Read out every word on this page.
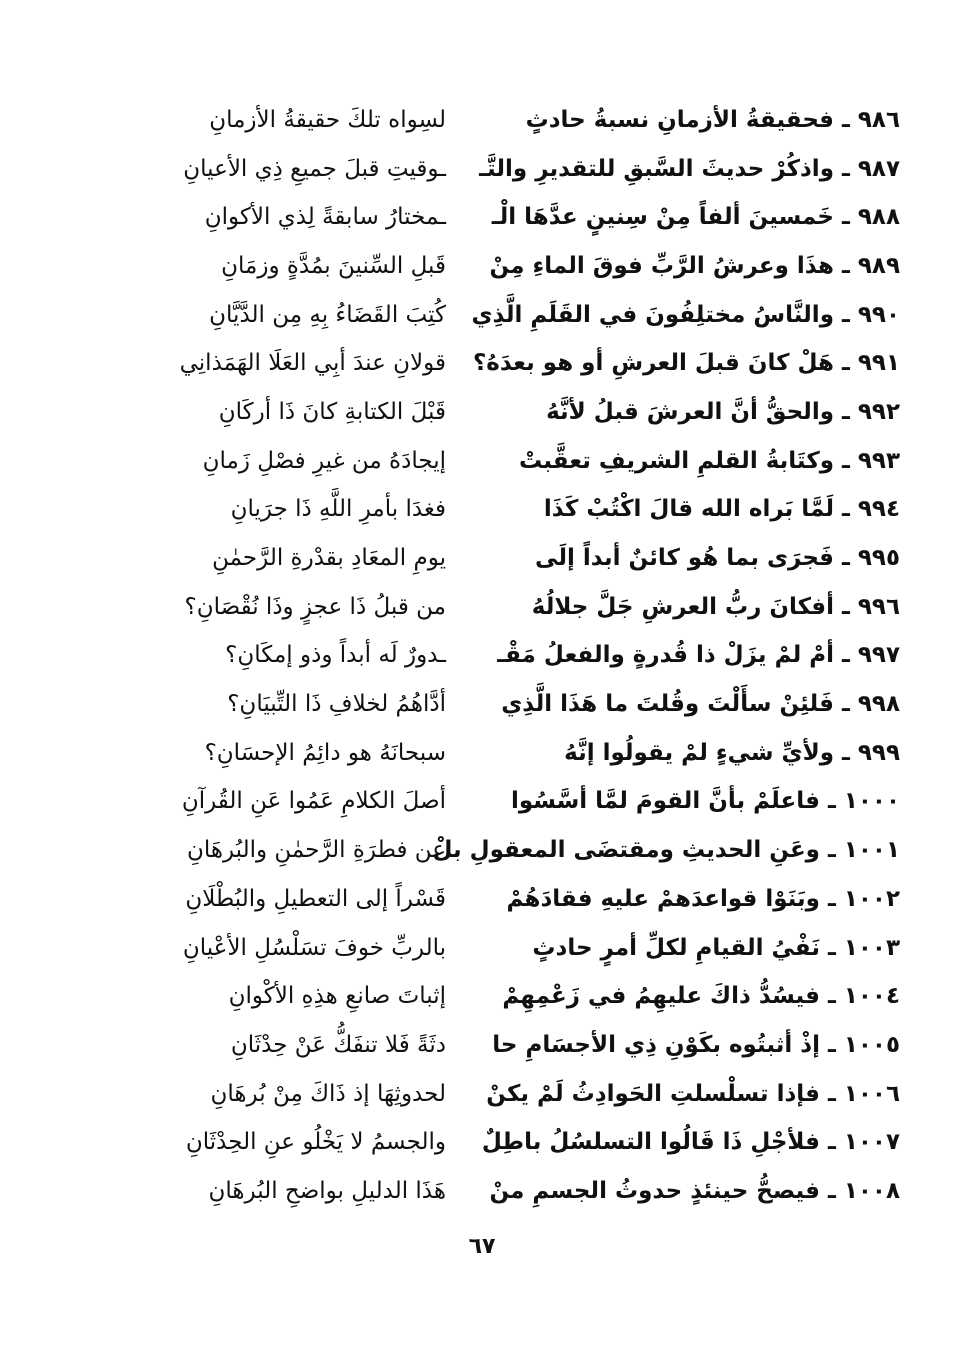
٩٨٦ ـ فحقيقةُ الأزمانِ نسبةُ حادثٍ
لسِواه تلكَ حقيقةُ الأزمانِ
٩٨٧ ـ واذكُرْ حديثَ السَّبقِ للتقديرِ والتَّـ
ـوقيتِ قبلَ جميعِ ذِي الأعيانِ
٩٨٨ ـ خَمسينَ ألفاً مِنْ سِنينٍ عدَّهَا الْـ
ـمختارُ سابقةً لِذي الأكوانِ
٩٨٩ ـ هذَا وعرشُ الرَّبِّ فوقَ الماءِ مِنْ
قَبلِ السِّنينَ بمُدَّةٍ وزمَانِ
٩٩٠ ـ والنَّاسُ مختلِفُونَ في القَلَمِ الَّذِي
كُتِبَ القَضَاءُ بِهِ مِن الدَّيَّانِ
٩٩١ ـ هَلْ كانَ قبلَ العرشِ أو هو بعدَهُ؟
قولانِ عندَ أبِي العَلَا الهَمَذانِي
٩٩٢ ـ والحقُّ أنَّ العرشَ قبلُ لأنَّهُ
قَبْلَ الكتابةِ كانَ ذَا أركَانِ
٩٩٣ ـ وكتَابةُ القلمِ الشريفِ تعقَّبتْ
إيجادَهُ من غيرِ فصْلِ زَمانِ
٩٩٤ ـ لَمَّا بَراه الله قالَ اكْتُبْ كَذَا
فغدَا بأمرِ اللَّهِ ذَا جرَيانِ
٩٩٥ ـ فَجرَى بما هُو كائنٌ أبداً إلَى
يومِ المعَادِ بقدْرةِ الرَّحمٰنِ
٩٩٦ ـ أفكانَ ربُّ العرشِ جَلَّ جلالُهُ
من قبلُ ذَا عجزٍ وذَا نُقْصَانِ؟
٩٩٧ ـ أمْ لمْ يزَلْ ذا قُدرةٍ والفعلُ مَقْـ
ـدورٌ لَه أبداً وذو إمكَانِ؟
٩٩٨ ـ فَلئِنْ سأَلْتَ وقُلتَ ما هَذَا الَّذِي
أدَّاهُمُ لخلافِ ذَا التِّبيَانِ؟
٩٩٩ ـ ولأيِّ شيءٍ لمْ يقولُوا إنَّهُ
سبحانَهُ هو دائِمُ الإحسَانِ؟
١٠٠٠ ـ فاعلَمْ بأنَّ القومَ لمَّا أسَّسُوا
أصلَ الكلامِ عَمُوا عَنِ القُرآنِ
١٠٠١ ـ وعَنِ الحديثِ ومقتضَى المعقولِ بلْ
عن فطرَةِ الرَّحمٰنِ والبُرهَانِ
١٠٠٢ ـ وبَنَوْا قواعدَهمْ عليهِ فقادَهُمْ
قَسْراً إلى التعطيلِ والبُطْلَانِ
١٠٠٣ ـ نَفْيُ القيامِ لكلِّ أمرٍ حادثٍ
بالربِّ خوفَ تسَلْسُلِ الأعْيانِ
١٠٠٤ ـ فيسُدُّ ذاكَ عليهِمُ في زَعْمِهِمْ
إثباتَ صانعِ هذِهِ الأكْوانِ
١٠٠٥ ـ إذْ أثبتُوه بكَوْنِ ذِي الأجسَامِ حا
دثَةً فَلا تنفَكُّ عَنْ حِدْثَانِ
١٠٠٦ ـ فإذا تسلْسلتِ الحَوادِثُ لَمْ يكنْ
لحدوثِهَا إذ ذَاكَ مِنْ بُرهَانِ
١٠٠٧ ـ فلأجْلِ ذَا قَالُوا التسلسُلُ باطِلٌ
والجسمُ لا يَخْلُو عنِ الحِدْثَانِ
١٠٠٨ ـ فيصحُّ حينئذٍ حدوثُ الجسمِ منْ
هَذَا الدليلِ بواضحِ البُرهَانِ
٦٧
